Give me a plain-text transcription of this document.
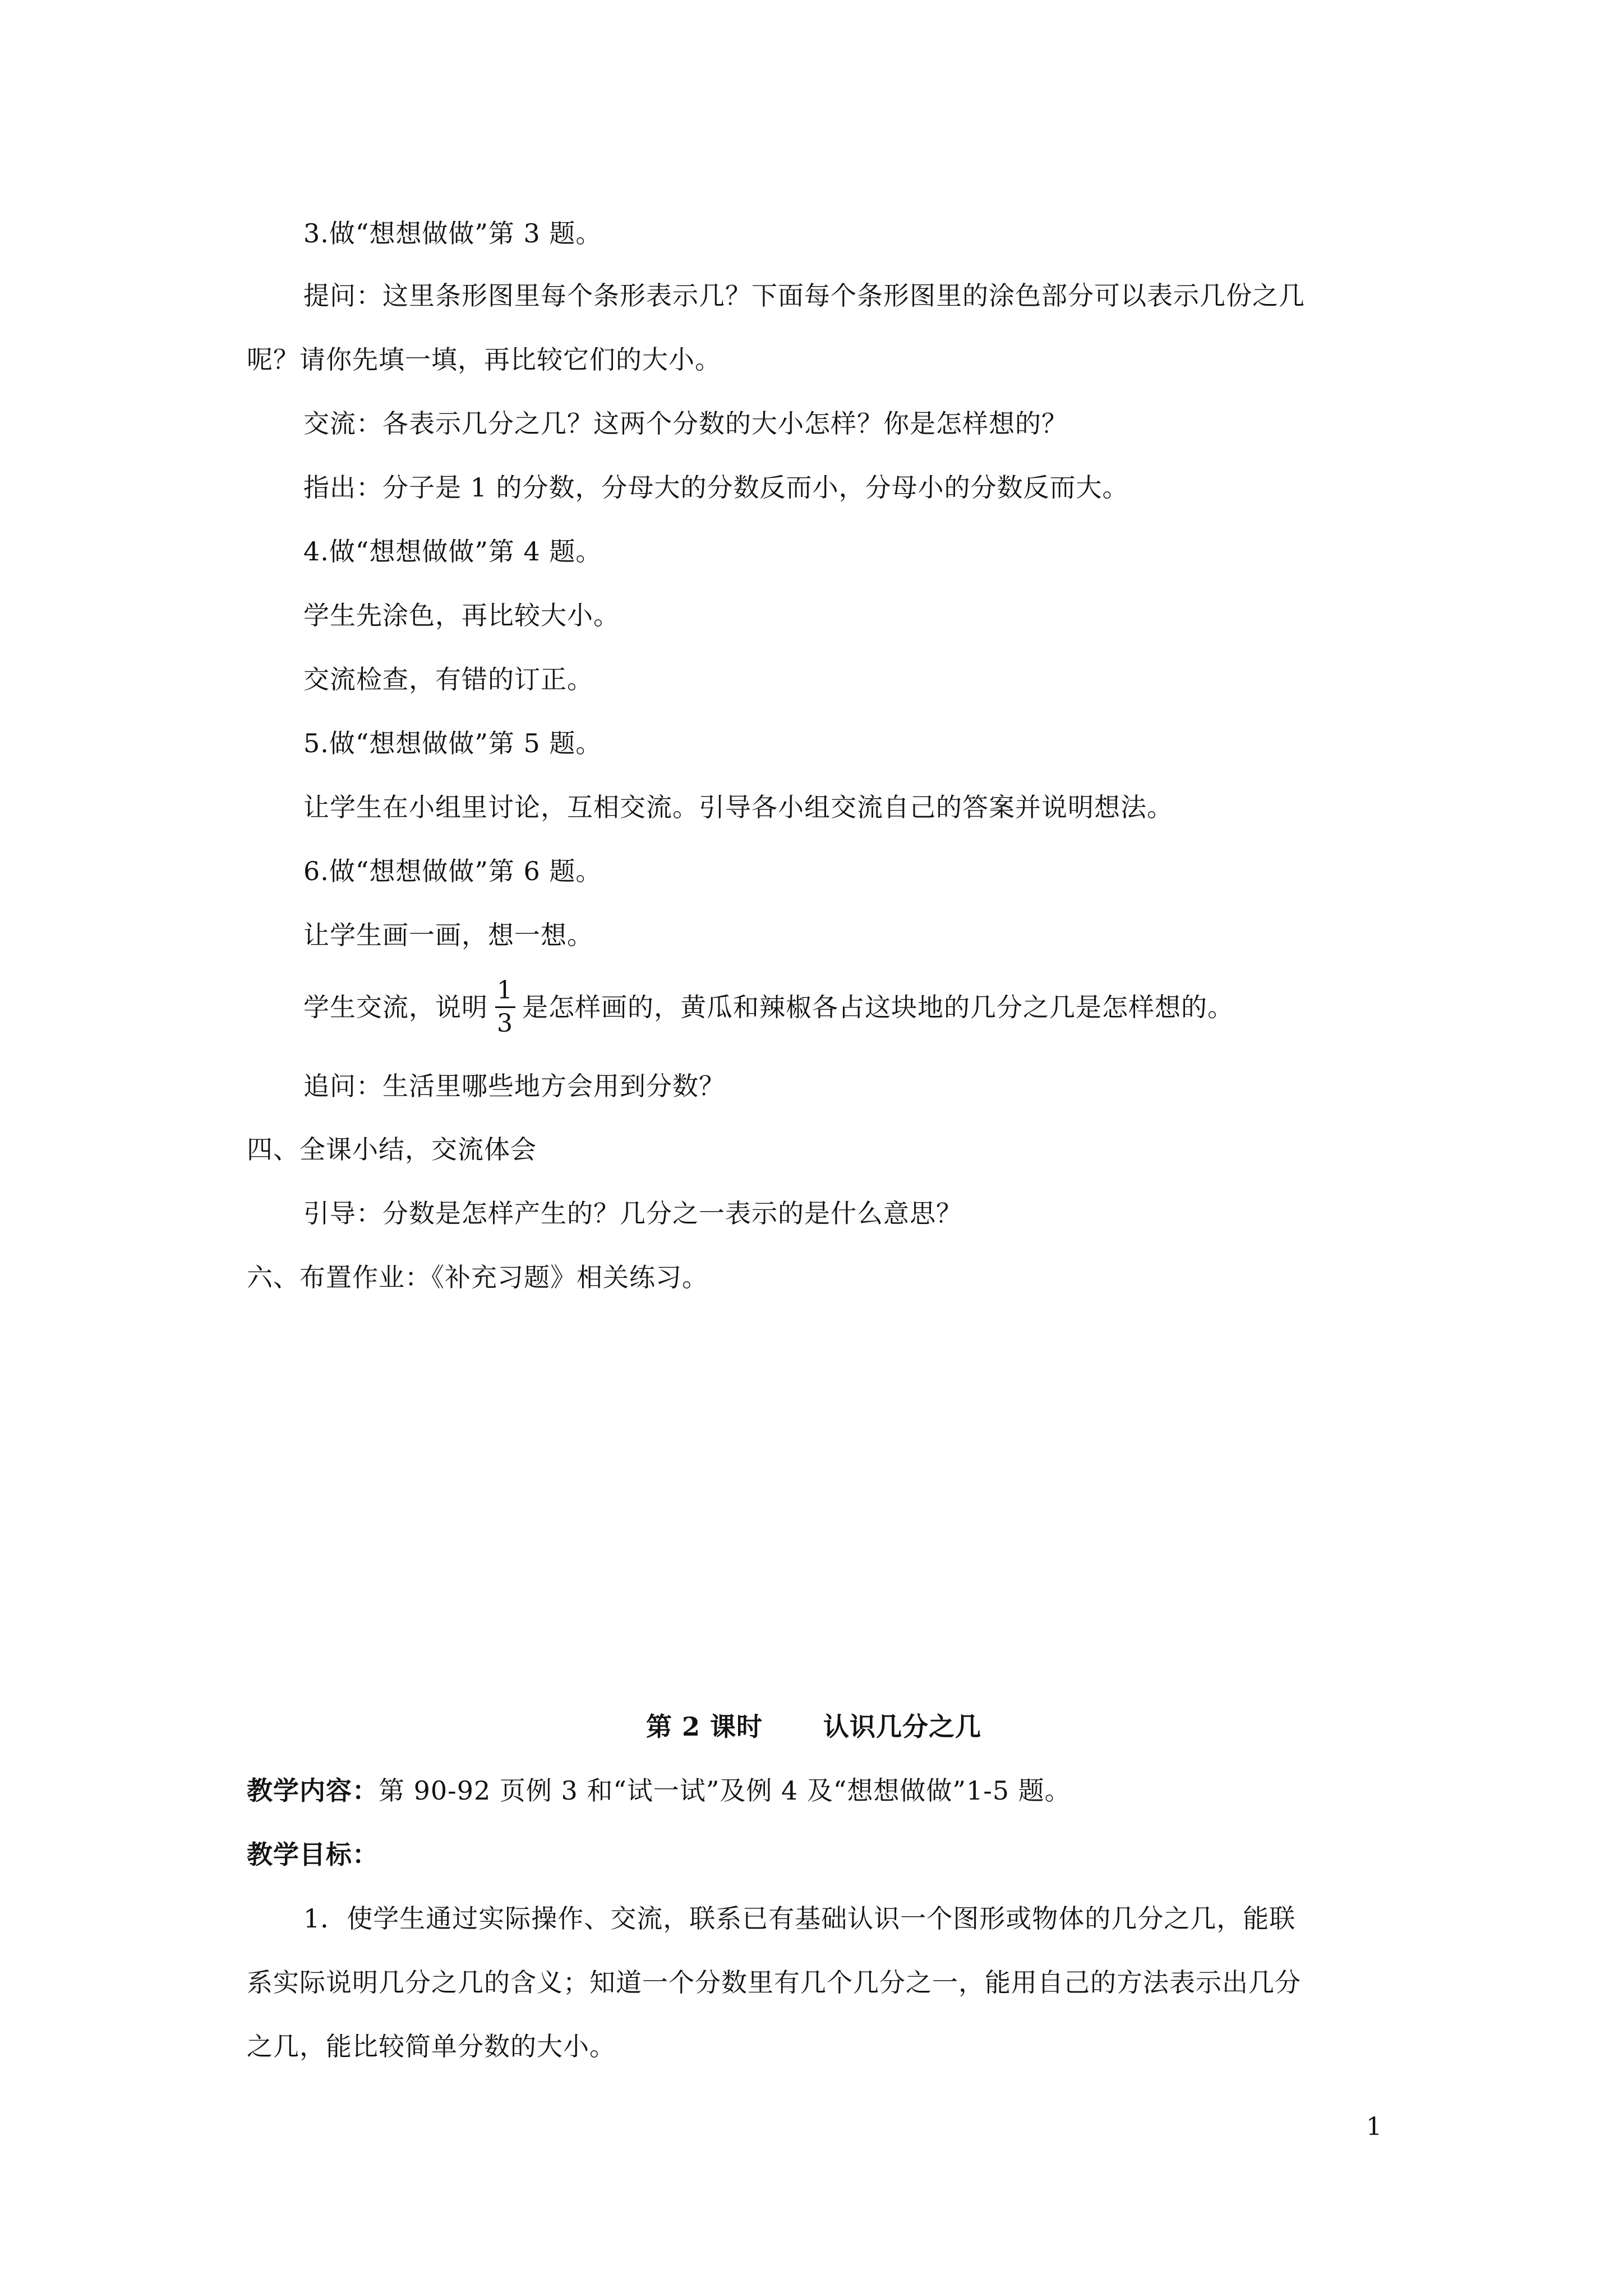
3.做“想想做做”第 3 题。
提问：这里条形图里每个条形表示几？下面每个条形图里的涂色部分可以表示几份之几
呢？请你先填一填，再比较它们的大小。
交流：各表示几分之几？这两个分数的大小怎样？你是怎样想的？
指出：分子是 1 的分数，分母大的分数反而小，分母小的分数反而大。
4.做“想想做做”第 4 题。
学生先涂色，再比较大小。
交流检查，有错的订正。
5.做“想想做做”第 5 题。
让学生在小组里讨论，互相交流。引导各小组交流自己的答案并说明想法。
6.做“想想做做”第 6 题。
让学生画一画，想一想。
学生交流，说明 $\frac{1}{3}$ 是怎样画的，黄瓜和辣椒各占这块地的几分之几是怎样想的。
追问：生活里哪些地方会用到分数？
四、全课小结，交流体会
引导：分数是怎样产生的？几分之一表示的是什么意思？
六、布置作业：《补充习题》相关练习。
第 2 课时 认识几分之几
教学内容：第 90-92 页例 3 和“试一试”及例 4 及“想想做做”1-5 题。
教学目标：
1．使学生通过实际操作、交流，联系已有基础认识一个图形或物体的几分之几，能联
系实际说明几分之几的含义；知道一个分数里有几个几分之一，能用自己的方法表示出几分
之几，能比较简单分数的大小。
1
